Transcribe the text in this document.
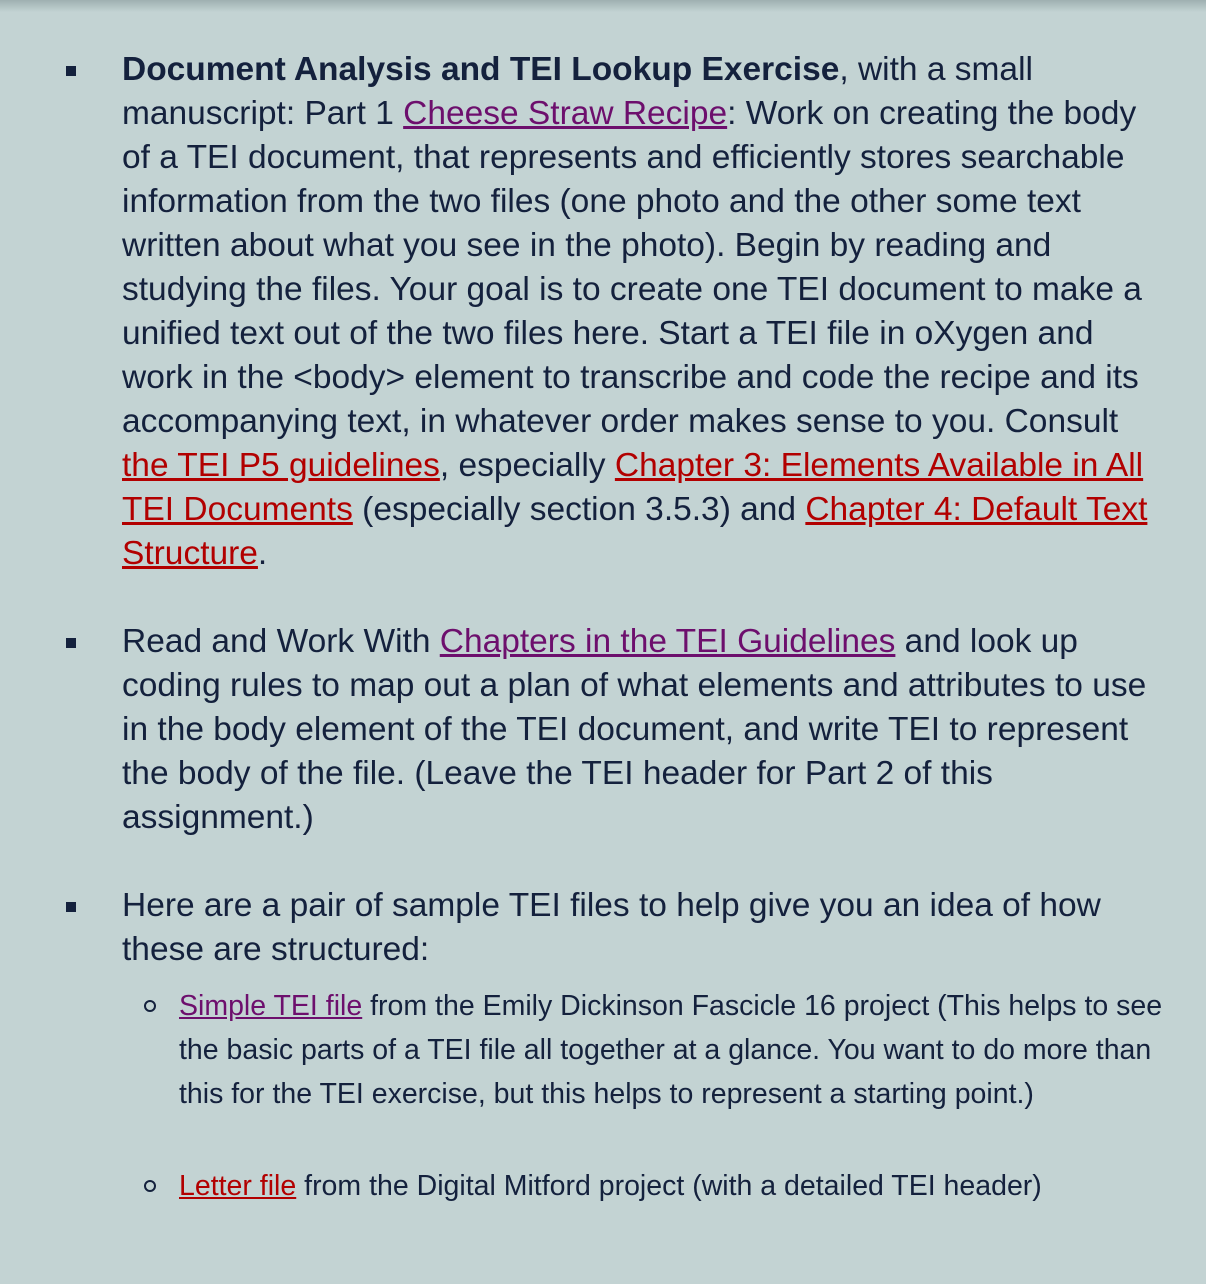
Document Analysis and TEI Lookup Exercise, with a small manuscript: Part 1 Cheese Straw Recipe: Work on creating the body of a TEI document, that represents and efficiently stores searchable information from the two files (one photo and the other some text written about what you see in the photo). Begin by reading and studying the files. Your goal is to create one TEI document to make a unified text out of the two files here. Start a TEI file in oXygen and work in the <body> element to transcribe and code the recipe and its accompanying text, in whatever order makes sense to you. Consult the TEI P5 guidelines, especially Chapter 3: Elements Available in All TEI Documents (especially section 3.5.3) and Chapter 4: Default Text Structure.

Read and Work With Chapters in the TEI Guidelines and look up coding rules to map out a plan of what elements and attributes to use in the body element of the TEI document, and write TEI to represent the body of the file. (Leave the TEI header for Part 2 of this assignment.)

Here are a pair of sample TEI files to help give you an idea of how these are structured:

Simple TEI file from the Emily Dickinson Fascicle 16 project (This helps to see the basic parts of a TEI file all together at a glance. You want to do more than this for the TEI exercise, but this helps to represent a starting point.)
Letter file from the Digital Mitford project (with a detailed TEI header)
